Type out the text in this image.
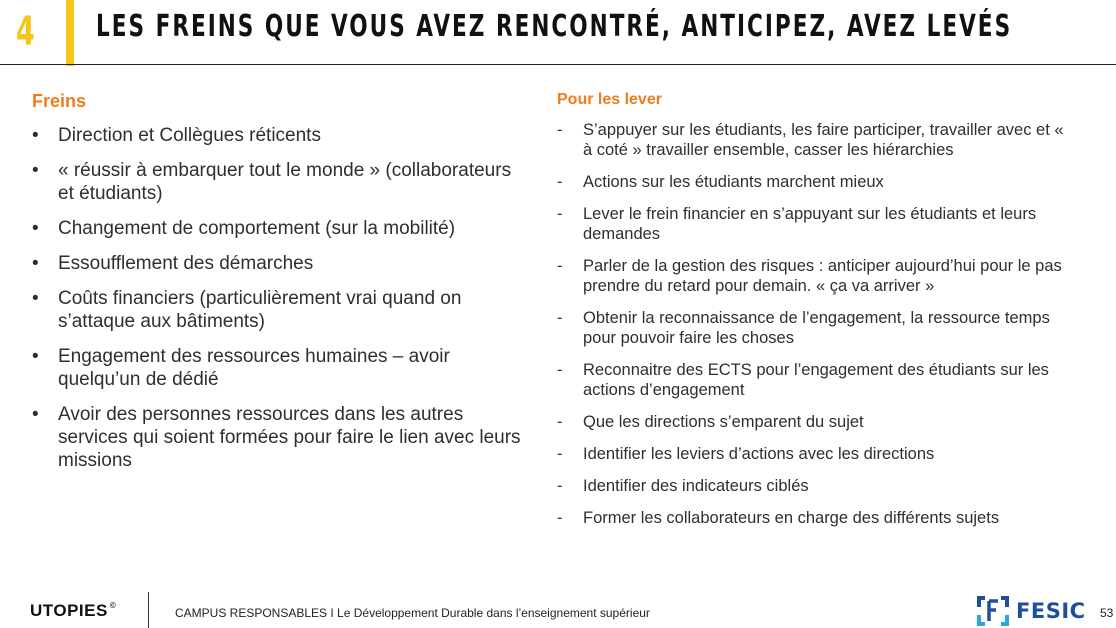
4 LES FREINS QUE VOUS AVEZ RENCONTRÉ, ANTICIPEZ, AVEZ LEVÉS
Freins
• Direction et Collègues réticents
• « réussir à embarquer tout le monde » (collaborateurs et étudiants)
• Changement de comportement (sur la mobilité)
• Essoufflement des démarches
• Coûts financiers (particulièrement vrai quand on s’attaque aux bâtiments)
• Engagement des ressources humaines – avoir quelqu’un de dédié
• Avoir des personnes ressources dans les autres services qui soient formées pour faire le lien avec leurs missions
Pour les lever
- S’appuyer sur les étudiants, les faire participer, travailler avec et « à coté » travailler ensemble, casser les hiérarchies
- Actions sur les étudiants marchent mieux
- Lever le frein financier en s’appuyant sur les étudiants et leurs demandes
- Parler de la gestion des risques : anticiper aujourd’hui pour le pas prendre du retard pour demain. « ça va arriver »
- Obtenir la reconnaissance de l’engagement, la ressource temps pour pouvoir faire les choses
- Reconnaitre des ECTS pour l’engagement des étudiants sur les actions d’engagement
- Que les directions s’emparent du sujet
- Identifier les leviers d’actions avec les directions
- Identifier des indicateurs ciblés
- Former les collaborateurs en charge des différents sujets
UTOPIES ©
CAMPUS RESPONSABLES I Le Développement Durable dans l’enseignement supérieur	FESIC 53
